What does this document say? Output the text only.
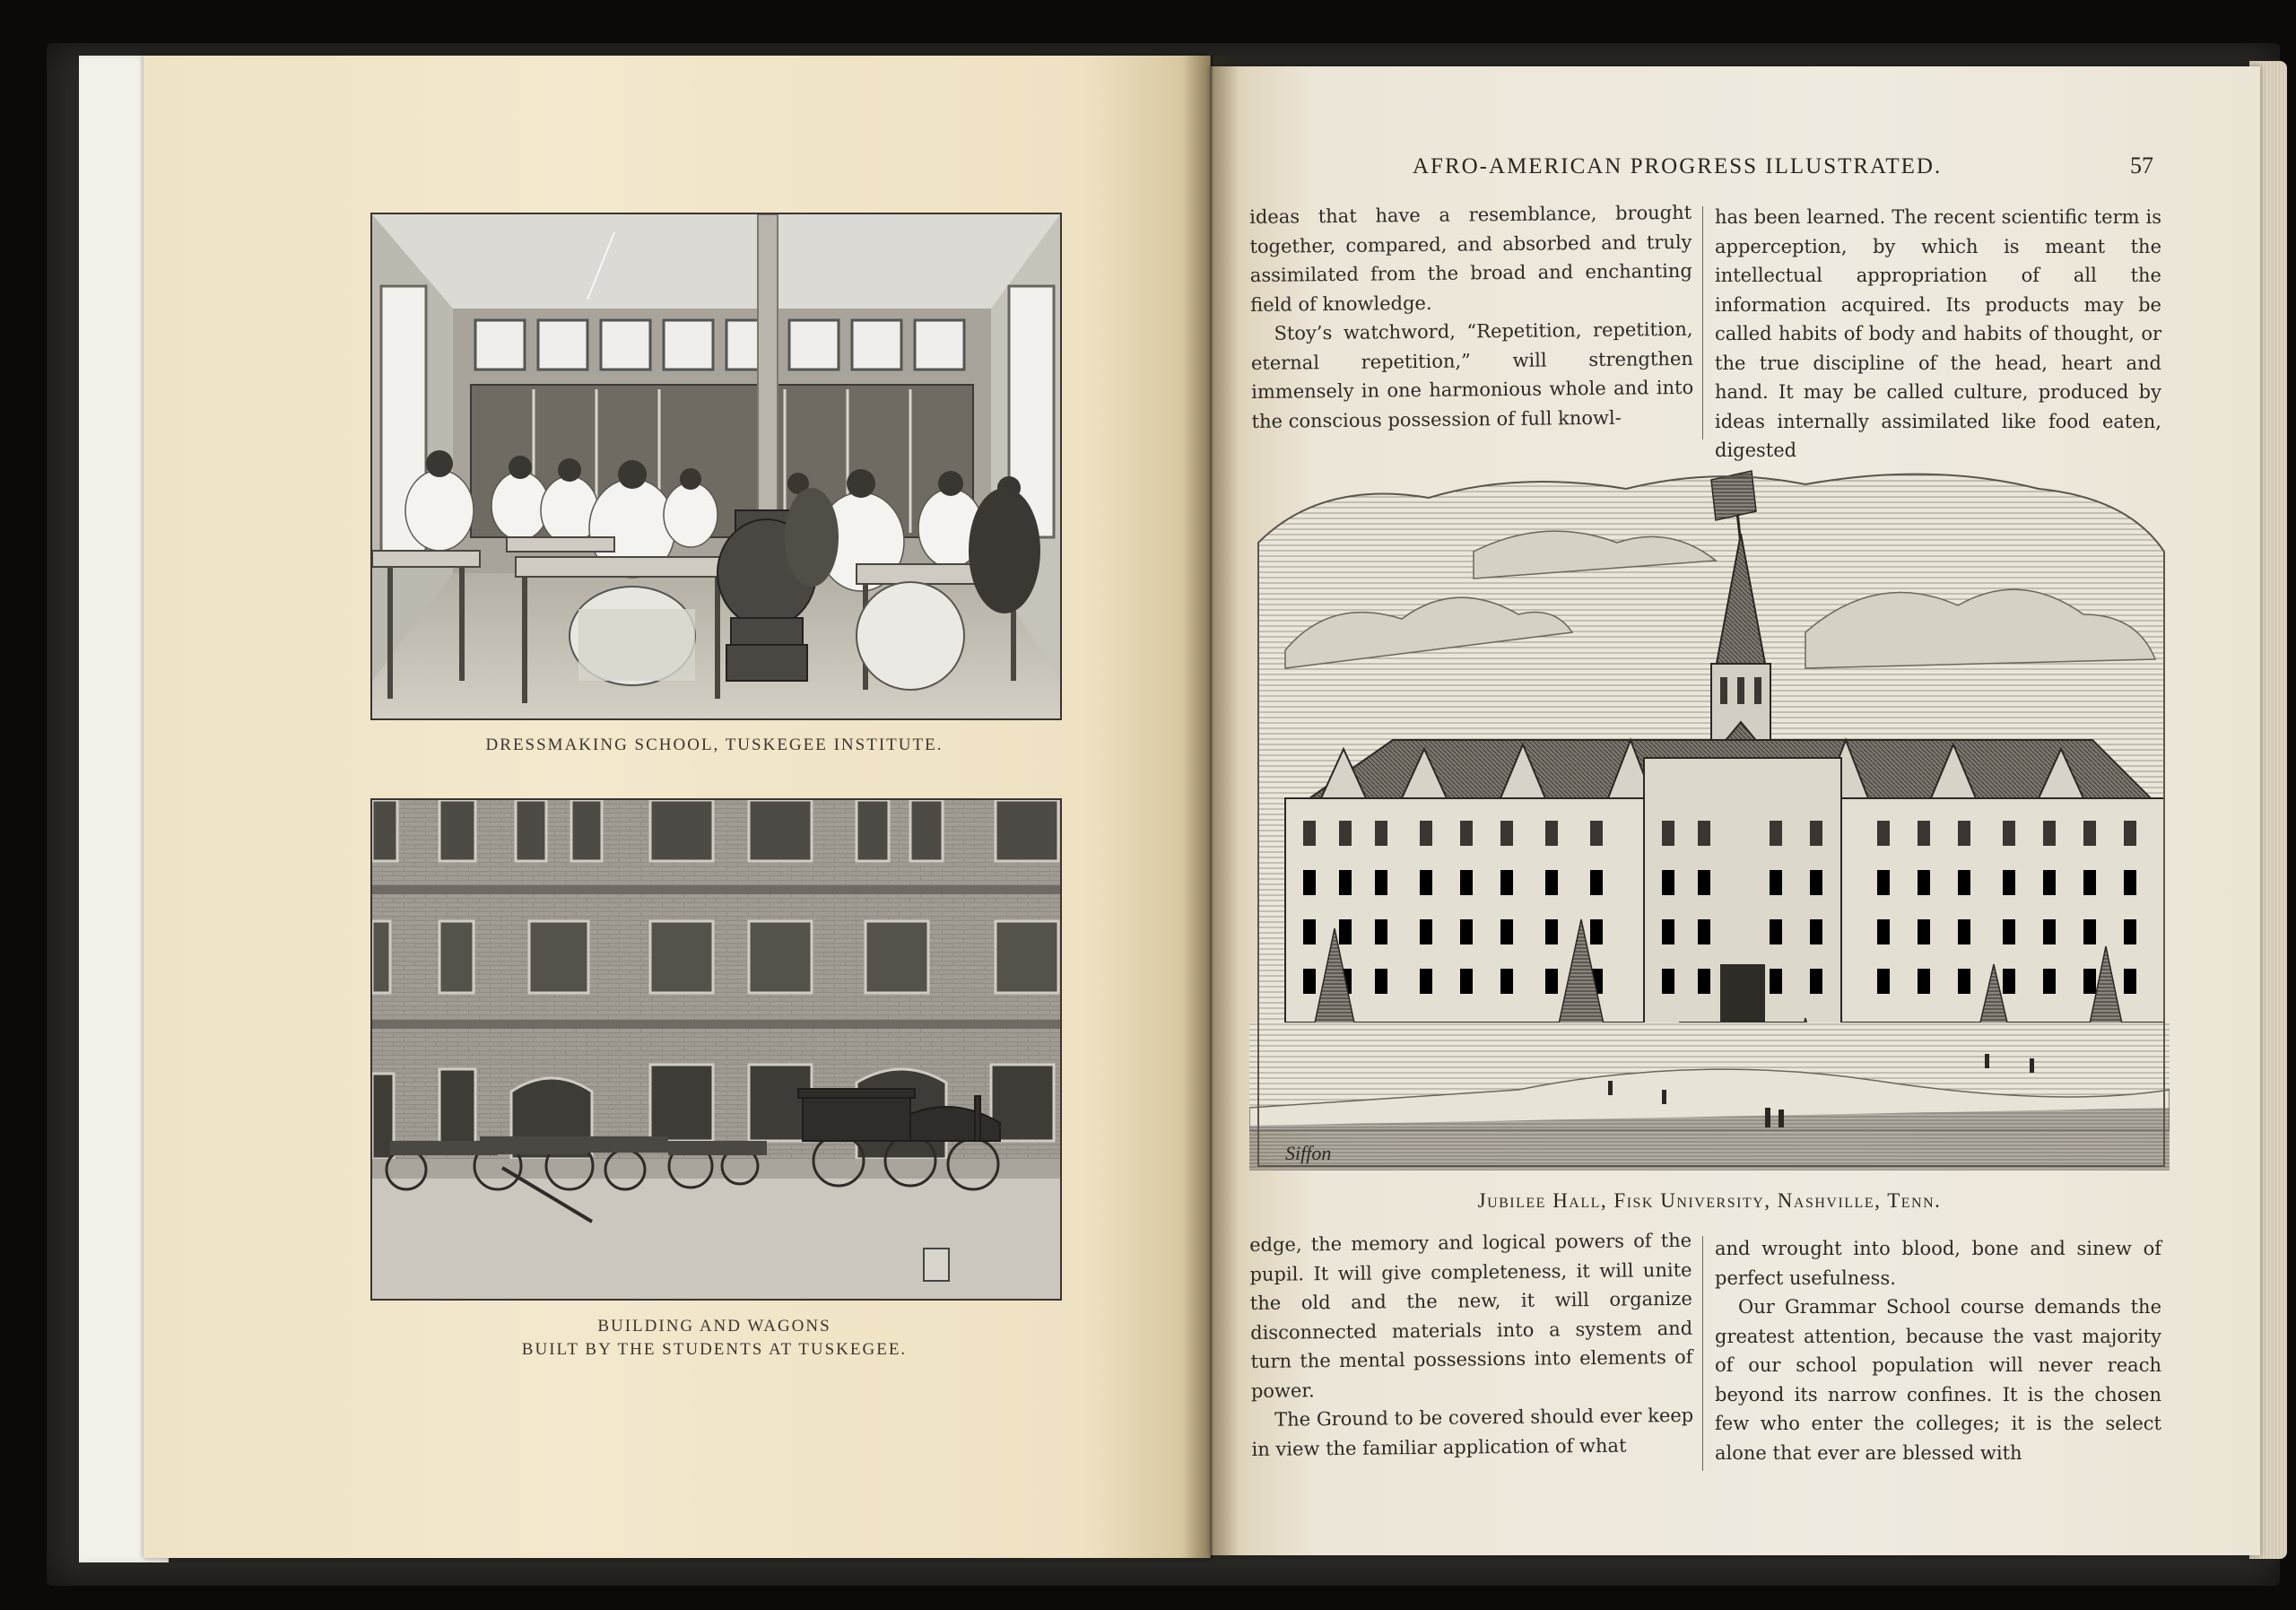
DRESSMAKING SCHOOL, TUSKEGEE INSTITUTE.
BUILDING AND WAGONS
BUILT BY THE STUDENTS AT TUSKEGEE.
AFRO-AMERICAN PROGRESS ILLUSTRATED.	57

ideas that have a resemblance, brought together, compared, and absorbed and truly assimilated from the broad and enchanting field of knowledge.

Stoy’s watchword, “Repetition, repetition, eternal repetition,” will strengthen immensely in one harmonious whole and into the conscious possession of full knowl-

has been learned. The recent scientific term is apperception, by which is meant the intellectual appropriation of all the information acquired. Its products may be called habits of body and habits of thought, or the true discipline of the head, heart and hand. It may be called culture, produced by ideas internally assimilated like food eaten, digested

Siffon
Jubilee Hall, Fisk University, Nashville, Tenn.

edge, the memory and logical powers of the pupil. It will give completeness, it will unite the old and the new, it will organize disconnected materials into a system and turn the mental possessions into elements of power.

The Ground to be covered should ever keep in view the familiar application of what

and wrought into blood, bone and sinew of perfect usefulness.

Our Grammar School course demands the greatest attention, because the vast majority of our school population will never reach beyond its narrow confines. It is the chosen few who enter the colleges; it is the select alone that ever are blessed with
